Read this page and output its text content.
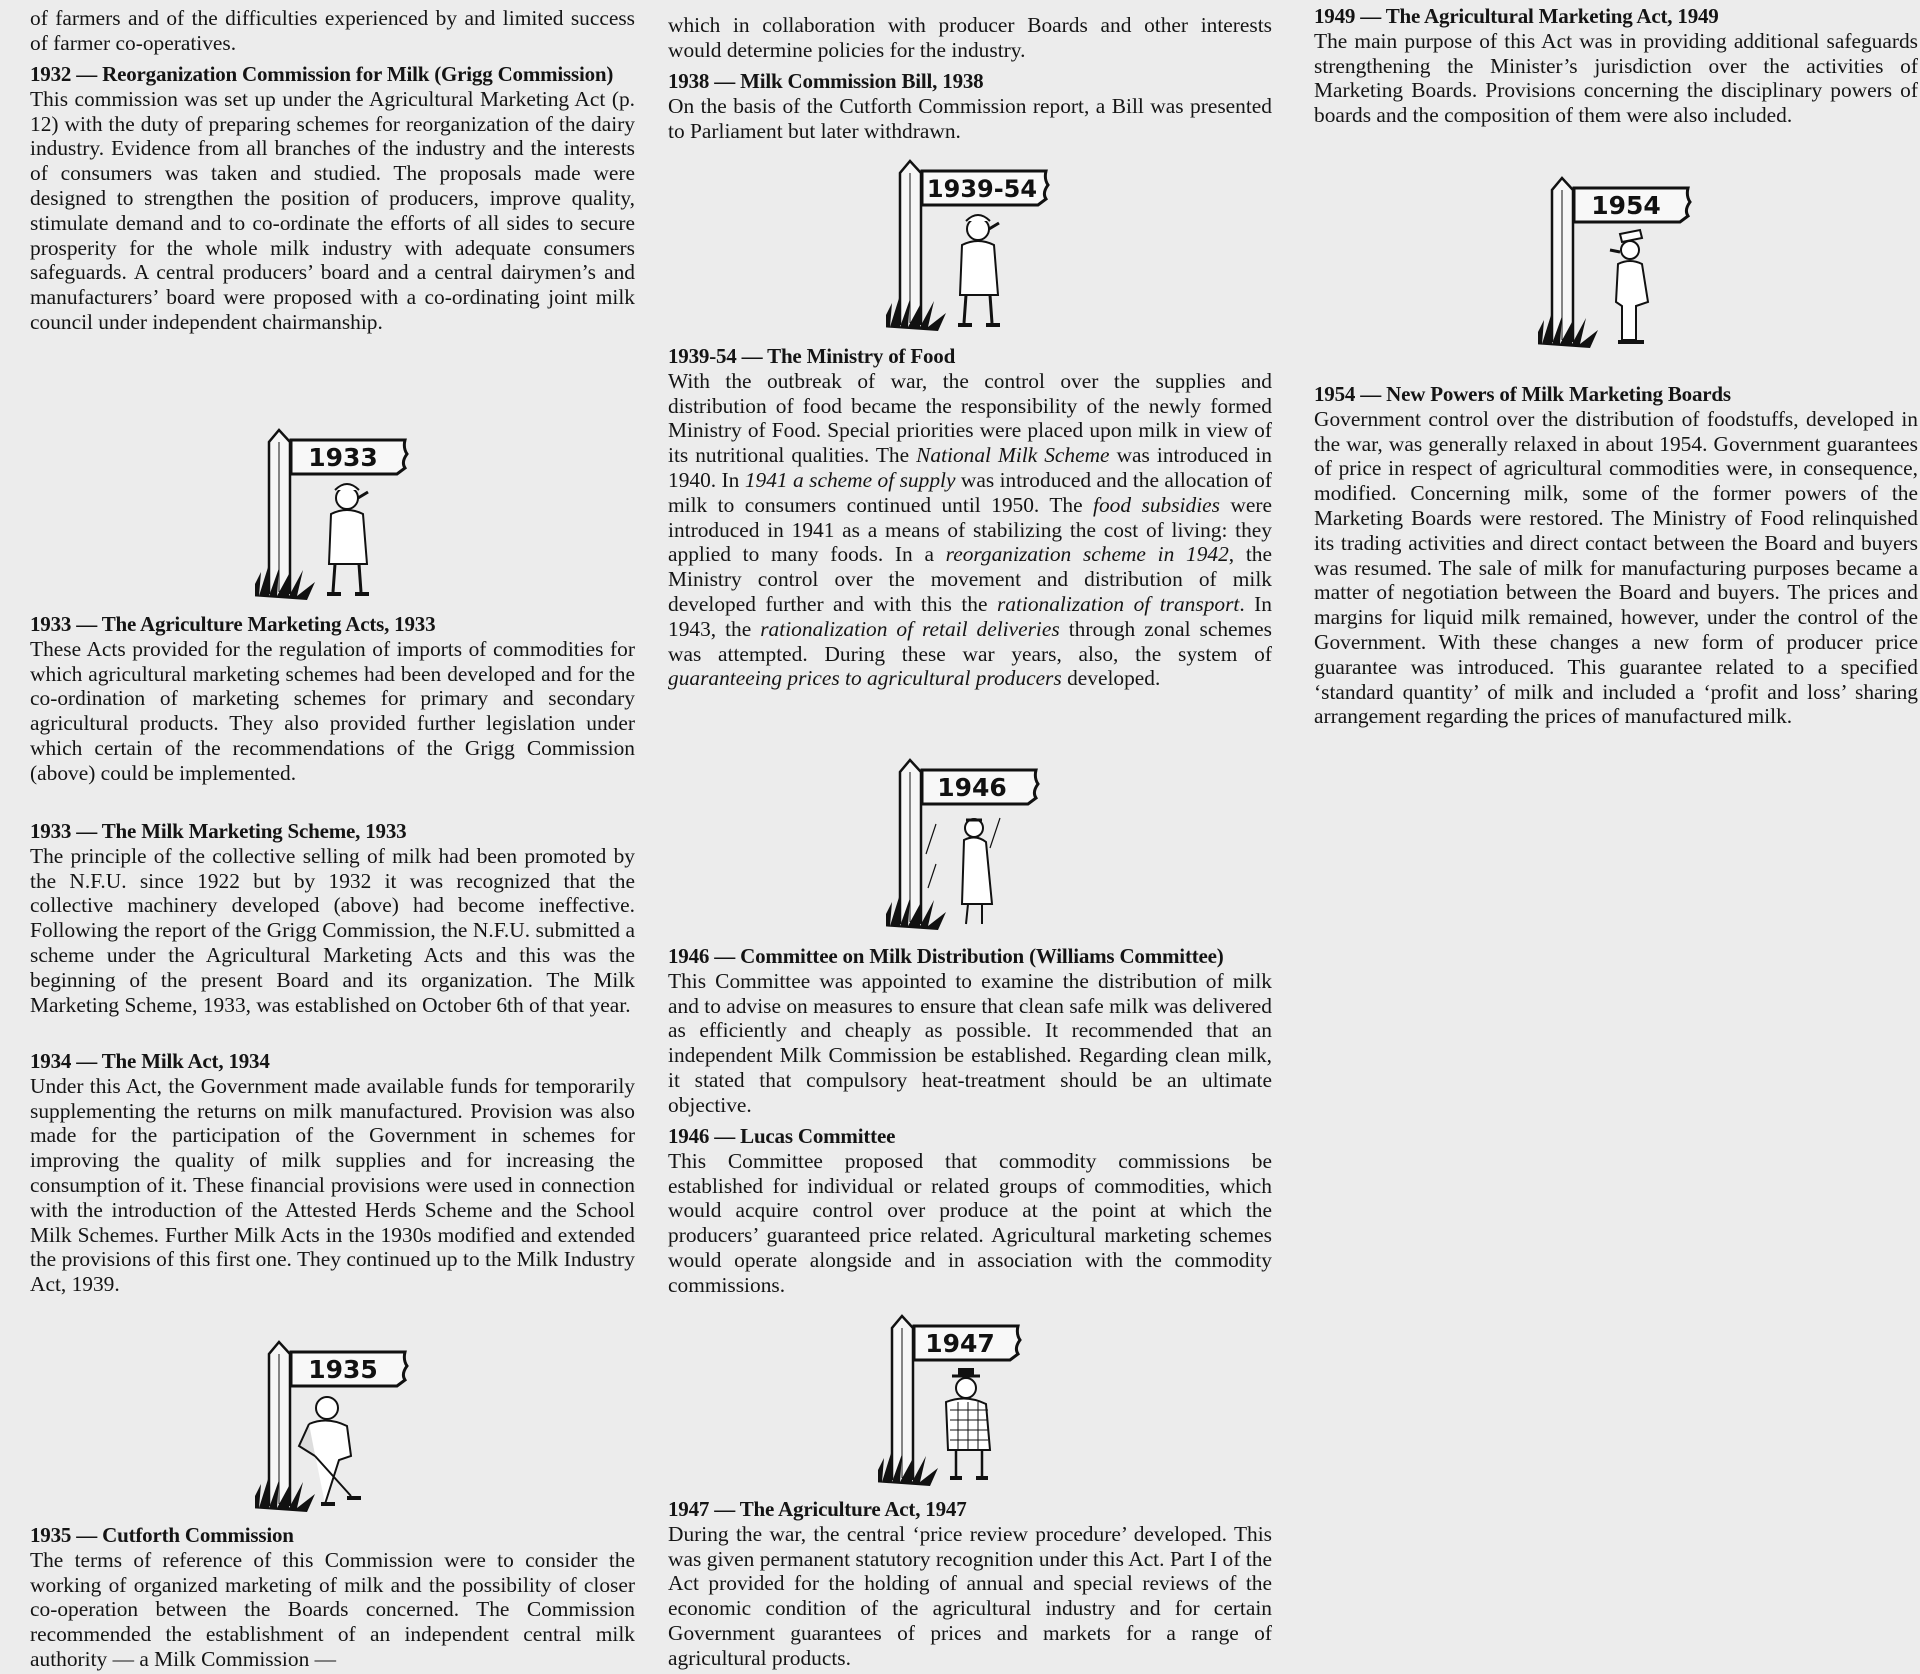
of farmers and of the difficulties experienced by and limited success of farmer co-operatives.

1932 — Reorganization Commission for Milk (Grigg Commission)

This commission was set up under the Agricultural Marketing Act (p. 12) with the duty of preparing schemes for reorganization of the dairy industry. Evidence from all branches of the industry and the interests of consumers was taken and studied. The proposals made were designed to strengthen the position of producers, improve quality, stimulate demand and to co-ordinate the efforts of all sides to secure prosperity for the whole milk industry with adequate consumers safeguards. A central producers’ board and a central dairymen’s and manufacturers’ board were proposed with a co-ordinating joint milk council under independent chairmanship.

1933

1933 — The Agriculture Marketing Acts, 1933

These Acts provided for the regulation of imports of commodities for which agricultural marketing schemes had been developed and for the co-ordination of marketing schemes for primary and secondary agricultural products. They also provided further legislation under which certain of the recommendations of the Grigg Commission (above) could be implemented.

1933 — The Milk Marketing Scheme, 1933

The principle of the collective selling of milk had been promoted by the N.F.U. since 1922 but by 1932 it was recognized that the collective machinery developed (above) had become ineffective. Following the report of the Grigg Commission, the N.F.U. submitted a scheme under the Agricultural Marketing Acts and this was the beginning of the present Board and its organization. The Milk Marketing Scheme, 1933, was established on October 6th of that year.

1934 — The Milk Act, 1934

Under this Act, the Government made available funds for temporarily supplementing the returns on milk manufactured. Provision was also made for the participation of the Government in schemes for improving the quality of milk supplies and for increasing the consumption of it. These financial provisions were used in connection with the introduction of the Attested Herds Scheme and the School Milk Schemes. Further Milk Acts in the 1930s modified and extended the provisions of this first one. They continued up to the Milk Industry Act, 1939.

1935

1935 — Cutforth Commission

The terms of reference of this Commission were to consider the working of organized marketing of milk and the possibility of closer co-operation between the Boards concerned. The Commission recommended the establishment of an independent central milk authority — a Milk Commission —

which in collaboration with producer Boards and other interests would determine policies for the industry.

1938 — Milk Commission Bill, 1938

On the basis of the Cutforth Commission report, a Bill was presented to Parliament but later withdrawn.

1939-54

1939-54 — The Ministry of Food

With the outbreak of war, the control over the supplies and distribution of food became the responsibility of the newly formed Ministry of Food. Special priorities were placed upon milk in view of its nutritional qualities. The National Milk Scheme was introduced in 1940. In 1941 a scheme of supply was introduced and the allocation of milk to consumers continued until 1950. The food subsidies were introduced in 1941 as a means of stabilizing the cost of living: they applied to many foods. In a reorganization scheme in 1942, the Ministry control over the movement and distribution of milk developed further and with this the rationalization of transport. In 1943, the rationalization of retail deliveries through zonal schemes was attempted. During these war years, also, the system of guaranteeing prices to agricultural producers developed.

1946

1946 — Committee on Milk Distribution (Williams Committee)

This Committee was appointed to examine the distribution of milk and to advise on measures to ensure that clean safe milk was delivered as efficiently and cheaply as possible. It recommended that an independent Milk Commission be established. Regarding clean milk, it stated that compulsory heat-treatment should be an ultimate objective.

1946 — Lucas Committee

This Committee proposed that commodity commissions be established for individual or related groups of commodities, which would acquire control over produce at the point at which the producers’ guaranteed price related. Agricultural marketing schemes would operate alongside and in association with the commodity commissions.

1947

1947 — The Agriculture Act, 1947

During the war, the central ‘price review procedure’ developed. This was given permanent statutory recognition under this Act. Part I of the Act provided for the holding of annual and special reviews of the economic condition of the agricultural industry and for certain Government guarantees of prices and markets for a range of agricultural products.

1949 — The Agricultural Marketing Act, 1949

The main purpose of this Act was in providing additional safeguards strengthening the Minister’s jurisdiction over the activities of Marketing Boards. Provisions concerning the disciplinary powers of boards and the composition of them were also included.

1954

1954 — New Powers of Milk Marketing Boards

Government control over the distribution of foodstuffs, developed in the war, was generally relaxed in about 1954. Government guarantees of price in respect of agricultural commodities were, in consequence, modified. Concerning milk, some of the former powers of the Marketing Boards were restored. The Ministry of Food relinquished its trading activities and direct contact between the Board and buyers was resumed. The sale of milk for manufacturing purposes became a matter of negotiation between the Board and buyers. The prices and margins for liquid milk remained, however, under the control of the Government. With these changes a new form of producer price guarantee was introduced. This guarantee related to a specified ‘standard quantity’ of milk and included a ‘profit and loss’ sharing arrangement regarding the prices of manufactured milk.
